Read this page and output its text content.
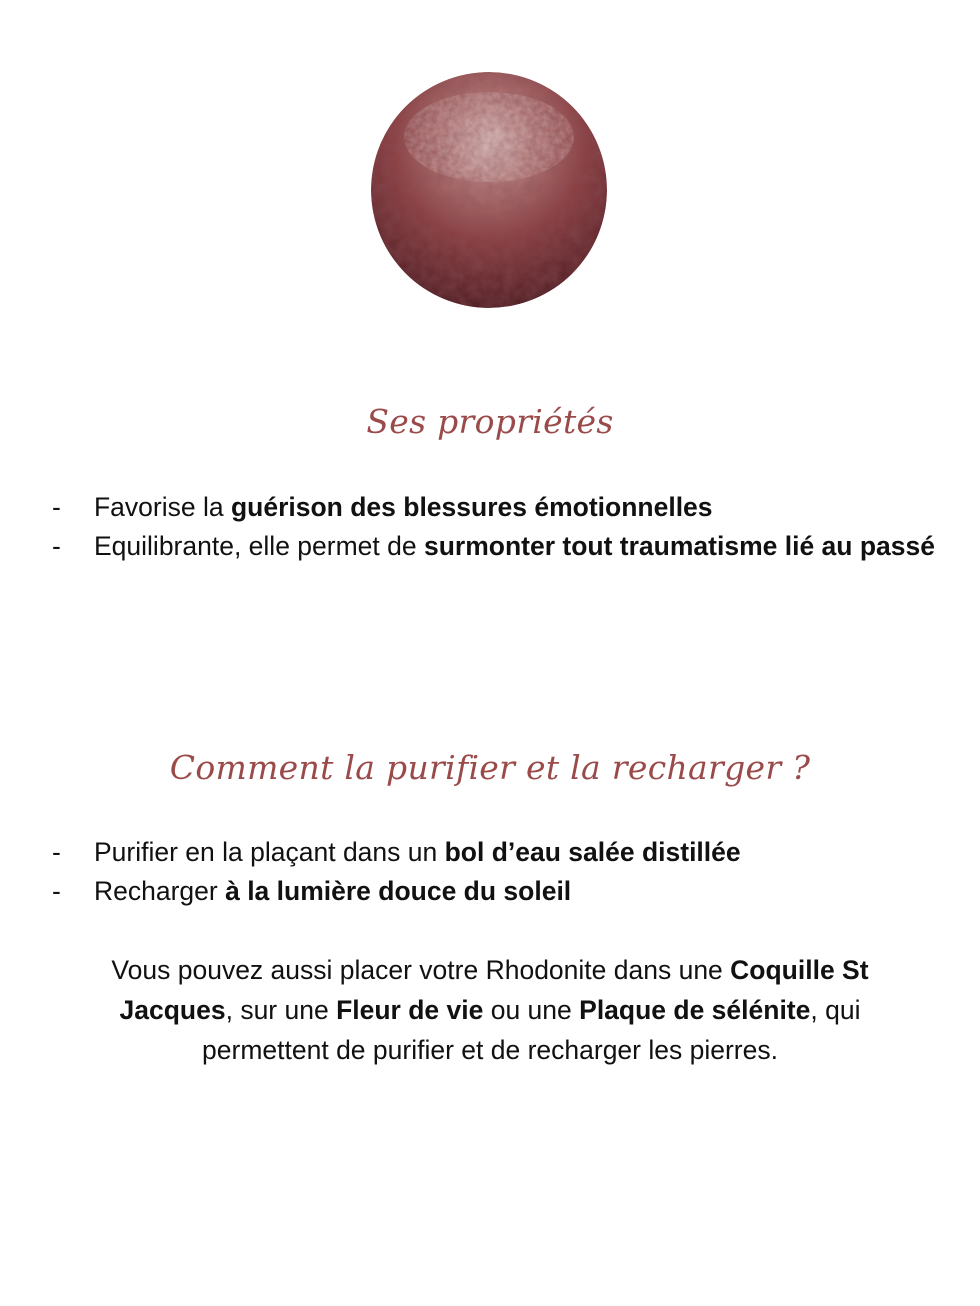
Ses propriétés
- Favorise la guérison des blessures émotionnelles
- Equilibrante, elle permet de surmonter tout traumatisme lié au passé
Comment la purifier et la recharger ?
- Purifier en la plaçant dans un bol d’eau salée distillée
- Recharger à la lumière douce du soleil

Vous pouvez aussi placer votre Rhodonite dans une Coquille St Jacques, sur une Fleur de vie ou une Plaque de sélénite, qui permettent de purifier et de recharger les pierres.
